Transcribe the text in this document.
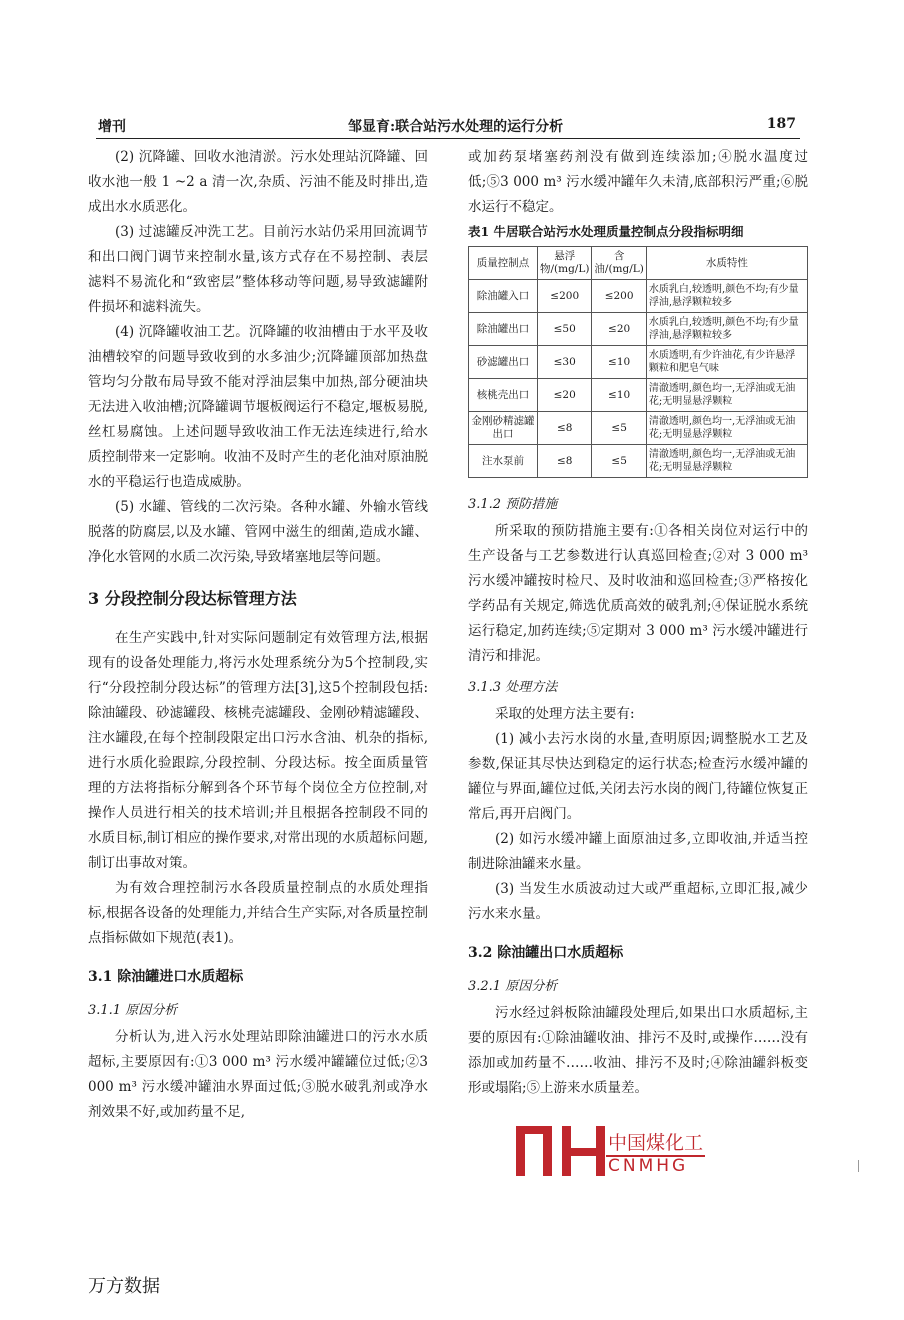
增刊	邹显育:联合站污水处理的运行分析	187

(2) 沉降罐、回收水池清淤。污水处理站沉降罐、回收水池一般 1 ~2 a 清一次,杂质、污油不能及时排出,造成出水水质恶化。

(3) 过滤罐反冲洗工艺。目前污水站仍采用回流调节和出口阀门调节来控制水量,该方式存在不易控制、表层滤料不易流化和“致密层”整体移动等问题,易导致滤罐附件损坏和滤料流失。

(4) 沉降罐收油工艺。沉降罐的收油槽由于水平及收油槽较窄的问题导致收到的水多油少;沉降罐顶部加热盘管均匀分散布局导致不能对浮油层集中加热,部分硬油块无法进入收油槽;沉降罐调节堰板阀运行不稳定,堰板易脱,丝杠易腐蚀。上述问题导致收油工作无法连续进行,给水质控制带来一定影响。收油不及时产生的老化油对原油脱水的平稳运行也造成威胁。

(5) 水罐、管线的二次污染。各种水罐、外输水管线脱落的防腐层,以及水罐、管网中滋生的细菌,造成水罐、净化水管网的水质二次污染,导致堵塞地层等问题。

3 分段控制分段达标管理方法

在生产实践中,针对实际问题制定有效管理方法,根据现有的设备处理能力,将污水处理系统分为5个控制段,实行“分段控制分段达标”的管理方法[3],这5个控制段包括:除油罐段、砂滤罐段、核桃壳滤罐段、金刚砂精滤罐段、注水罐段,在每个控制段限定出口污水含油、机杂的指标,进行水质化验跟踪,分段控制、分段达标。按全面质量管理的方法将指标分解到各个环节每个岗位全方位控制,对操作人员进行相关的技术培训;并且根据各控制段不同的水质目标,制订相应的操作要求,对常出现的水质超标问题,制订出事故对策。

为有效合理控制污水各段质量控制点的水质处理指标,根据各设备的处理能力,并结合生产实际,对各质量控制点指标做如下规范(表1)。

3.1 除油罐进口水质超标
3.1.1 原因分析

分析认为,进入污水处理站即除油罐进口的污水水质超标,主要原因有:①3 000 m³ 污水缓冲罐罐位过低;②3 000 m³ 污水缓冲罐油水界面过低;③脱水破乳剂或净水剂效果不好,或加药量不足,

或加药泵堵塞药剂没有做到连续添加;④脱水温度过低;⑤3 000 m³ 污水缓冲罐年久未清,底部积污严重;⑥脱水运行不稳定。

表1 牛居联合站污水处理质量控制点分段指标明细
质量控制点	悬浮物/(mg/L)	含油/(mg/L)	水质特性
除油罐入口	≤200	≤200	水质乳白,较透明,颜色不均;有少量浮油,悬浮颗粒较多
除油罐出口	≤50	≤20	水质乳白,较透明,颜色不均;有少量浮油,悬浮颗粒较多
砂滤罐出口	≤30	≤10	水质透明,有少许油花,有少许悬浮颗粒和肥皂气味
核桃壳出口	≤20	≤10	清澈透明,颜色均一,无浮油或无油花;无明显悬浮颗粒
金刚砂精滤罐出口	≤8	≤5	清澈透明,颜色均一,无浮油或无油花;无明显悬浮颗粒
注水泵前	≤8	≤5	清澈透明,颜色均一,无浮油或无油花;无明显悬浮颗粒
3.1.2 预防措施

所采取的预防措施主要有:①各相关岗位对运行中的生产设备与工艺参数进行认真巡回检查;②对 3 000 m³ 污水缓冲罐按时检尺、及时收油和巡回检查;③严格按化学药品有关规定,筛选优质高效的破乳剂;④保证脱水系统运行稳定,加药连续;⑤定期对 3 000 m³ 污水缓冲罐进行清污和排泥。

3.1.3 处理方法

采取的处理方法主要有:

(1) 减小去污水岗的水量,查明原因;调整脱水工艺及参数,保证其尽快达到稳定的运行状态;检查污水缓冲罐的罐位与界面,罐位过低,关闭去污水岗的阀门,待罐位恢复正常后,再开启阀门。

(2) 如污水缓冲罐上面原油过多,立即收油,并适当控制进除油罐来水量。

(3) 当发生水质波动过大或严重超标,立即汇报,减少污水来水量。

3.2 除油罐出口水质超标
3.2.1 原因分析

污水经过斜板除油罐段处理后,如果出口水质超标,主要的原因有:①除油罐收油、排污不及时,或操作……没有添加或加药量不……收油、排污不及时;④除油罐斜板变形或塌陷;⑤上游来水质量差。

中国煤化工
CNMHG
万方数据
